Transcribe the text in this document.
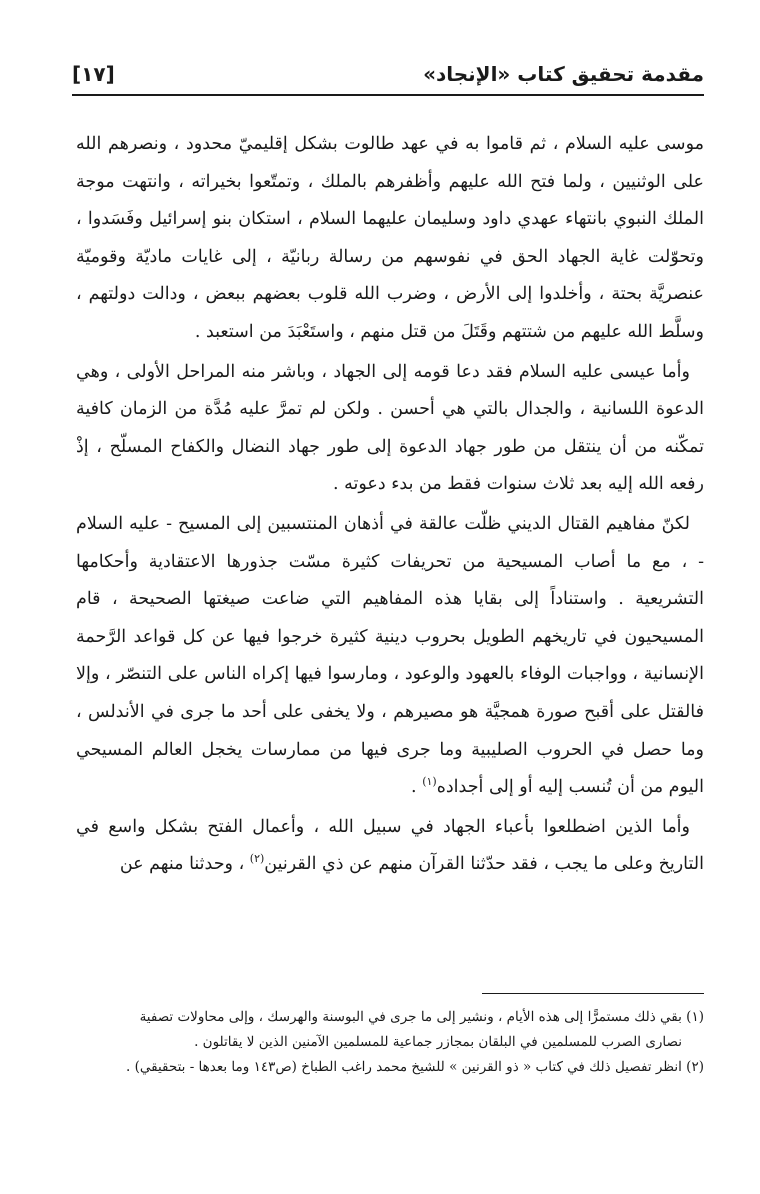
مقدمة تحقيق كتاب «الإنجاد»
[١٧]

موسى عليه السلام ، ثم قاموا به في عهد طالوت بشكل إقليميّ محدود ، ونصرهم الله على الوثنيين ، ولما فتح الله عليهم وأظفرهم بالملك ، وتمتّعوا بخيراته ، وانتهت موجة الملك النبوي بانتهاء عهدي داود وسليمان عليهما السلام ، استكان بنو إسرائيل وفَسَدوا ، وتحوّلت غاية الجهاد الحق في نفوسهم من رسالة ربانيّة ، إلى غايات ماديّة وقوميّة عنصريَّة بحتة ، وأخلدوا إلى الأرض ، وضرب الله قلوب بعضهم ببعض ، ودالت دولتهم ، وسلَّط الله عليهم من شتتهم وقَتَلَ من قتل منهم ، واستَعْبَدَ من استعبد .

وأما عيسى عليه السلام فقد دعا قومه إلى الجهاد ، وباشر منه المراحل الأولى ، وهي الدعوة اللسانية ، والجدال بالتي هي أحسن . ولكن لم تمرَّ عليه مُدَّة من الزمان كافية تمكّنه من أن ينتقل من طور جهاد الدعوة إلى طور جهاد النضال والكفاح المسلّح ، إذْ رفعه الله إليه بعد ثلاث سنوات فقط من بدء دعوته .

لكنّ مفاهيم القتال الديني ظلّت عالقة في أذهان المنتسبين إلى المسيح - عليه السلام - ، مع ما أصاب المسيحية من تحريفات كثيرة مسّت جذورها الاعتقادية وأحكامها التشريعية . واستناداً إلى بقايا هذه المفاهيم التي ضاعت صيغتها الصحيحة ، قام المسيحيون في تاريخهم الطويل بحروب دينية كثيرة خرجوا فيها عن كل قواعد الرَّحمة الإنسانية ، وواجبات الوفاء بالعهود والوعود ، ومارسوا فيها إكراه الناس على التنصّر ، وإلا فالقتل على أقبح صورة همجيَّة هو مصيرهم ، ولا يخفى على أحد ما جرى في الأندلس ، وما حصل في الحروب الصليبية وما جرى فيها من ممارسات يخجل العالم المسيحي اليوم من أن تُنسب إليه أو إلى أجداده$^{(١)}$ .

وأما الذين اضطلعوا بأعباء الجهاد في سبيل الله ، وأعمال الفتح بشكل واسع في التاريخ وعلى ما يجب ، فقد حدّثنا القرآن منهم عن ذي القرنين$^{(٢)}$ ، وحدثنا منهم عن

(١) بقي ذلك مستمرًّا إلى هذه الأيام ، ونشير إلى ما جرى في البوسنة والهرسك ، وإلى محاولات تصفية
نصارى الصرب للمسلمين في البلقان بمجازر جماعية للمسلمين الآمنين الذين لا يقاتلون .

(٢) انظر تفصيل ذلك في كتاب « ذو القرنين » للشيخ محمد راغب الطباخ (ص١٤٣ وما بعدها - بتحقيقي) .
